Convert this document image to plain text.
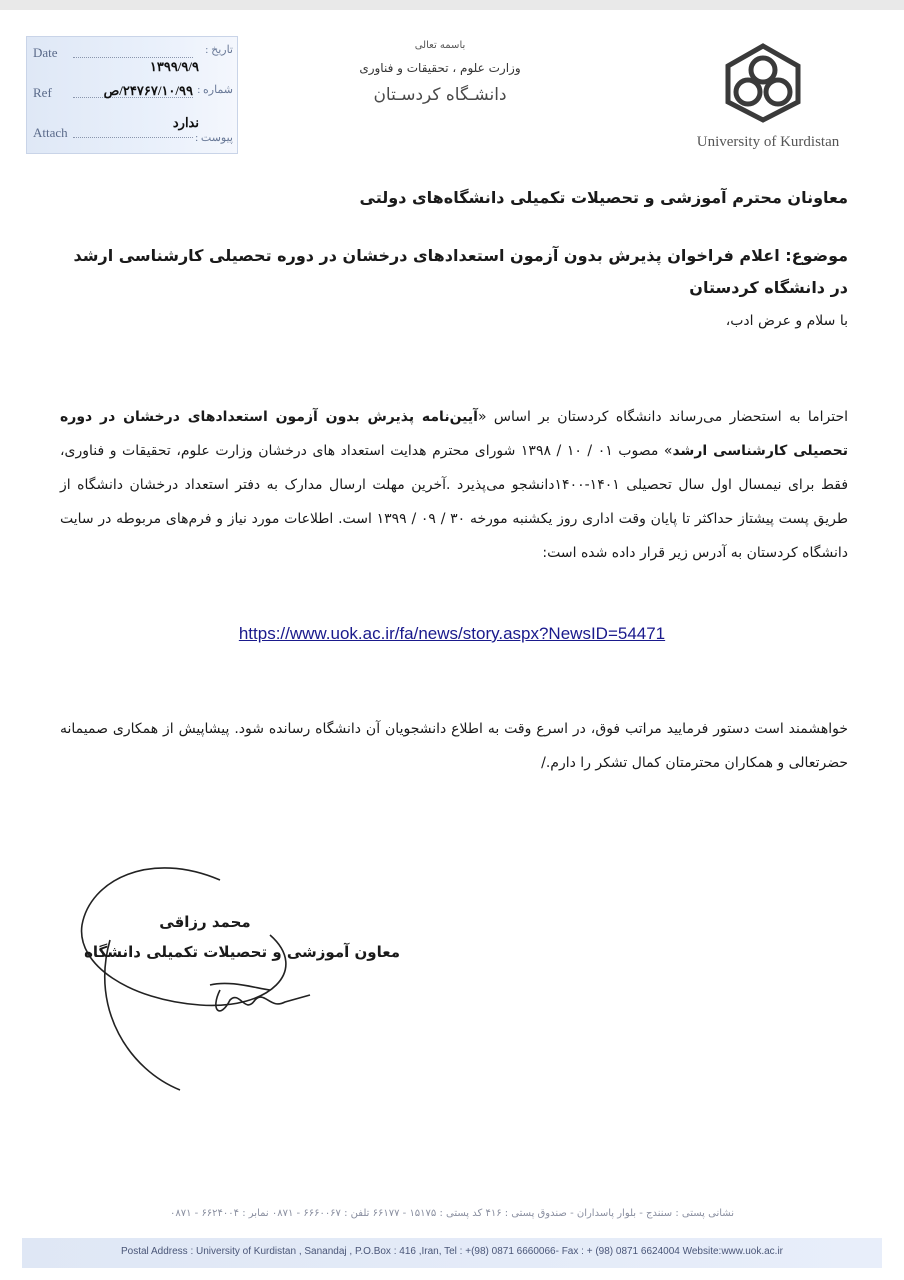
Date	تاریخ :
۱۳۹۹/۹/۹
Ref	شماره :
۲۴۷۶۷/۱۰/۹۹/ص
Attach	پیوست :
ندارد
باسمه تعالی
وزارت علوم ، تحقیقات و فناوری
دانشـگاه کردسـتان
University of Kurdistan
معاونان محترم آموزشی و تحصیلات تکمیلی دانشگاه‌های دولتی
موضوع: اعلام فراخوان پذیرش بدون آزمون استعدادهای درخشان در دوره تحصیلی کارشناسی ارشد در دانشگاه کردستان
با سلام و عرض ادب،
احتراما به استحضار می‌رساند دانشگاه کردستان بر اساس «آیین‌نامه پذیرش بدون آزمون استعدادهای درخشان در دوره تحصیلی کارشناسی ارشد» مصوب ۰۱ / ۱۰ / ۱۳۹۸ شورای محترم هدایت استعداد های درخشان وزارت علوم، تحقیقات و فناوری، فقط برای نیمسال اول سال تحصیلی ۱۴۰۱-۱۴۰۰دانشجو می‌پذیرد .آخرین مهلت ارسال مدارک به دفتر استعداد درخشان دانشگاه از طریق پست پیشتاز حداکثر تا پایان وقت اداری روز یکشنبه مورخه ۳۰ / ۰۹ / ۱۳۹۹ است. اطلاعات مورد نیاز و فرم‌های مربوطه در سایت دانشگاه کردستان به آدرس زیر قرار داده شده است:
https://www.uok.ac.ir/fa/news/story.aspx?NewsID=54471
خواهشمند است دستور فرمایید مراتب فوق، در اسرع وقت به اطلاع دانشجویان آن دانشگاه رسانده شود. پیشاپیش از همکاری صمیمانه حضرتعالی و همکاران محترمتان کمال تشکر را دارم./
محمد رزاقی
معاون آموزشی و تحصیلات تکمیلی دانشگاه
نشانی پستی : سنندج - بلوار پاسداران - صندوق پستی : ۴۱۶ کد پستی : ۱۵۱۷۵ - ۶۶۱۷۷ تلفن : ۶۶۶۰۰۶۷ - ۰۸۷۱ نمابر : ۶۶۲۴۰۰۴ - ۰۸۷۱
Postal Address : University of Kurdistan , Sanandaj , P.O.Box : 416 ,Iran, Tel : +(98) 0871 6660066- Fax : + (98) 0871 6624004 Website:www.uok.ac.ir
